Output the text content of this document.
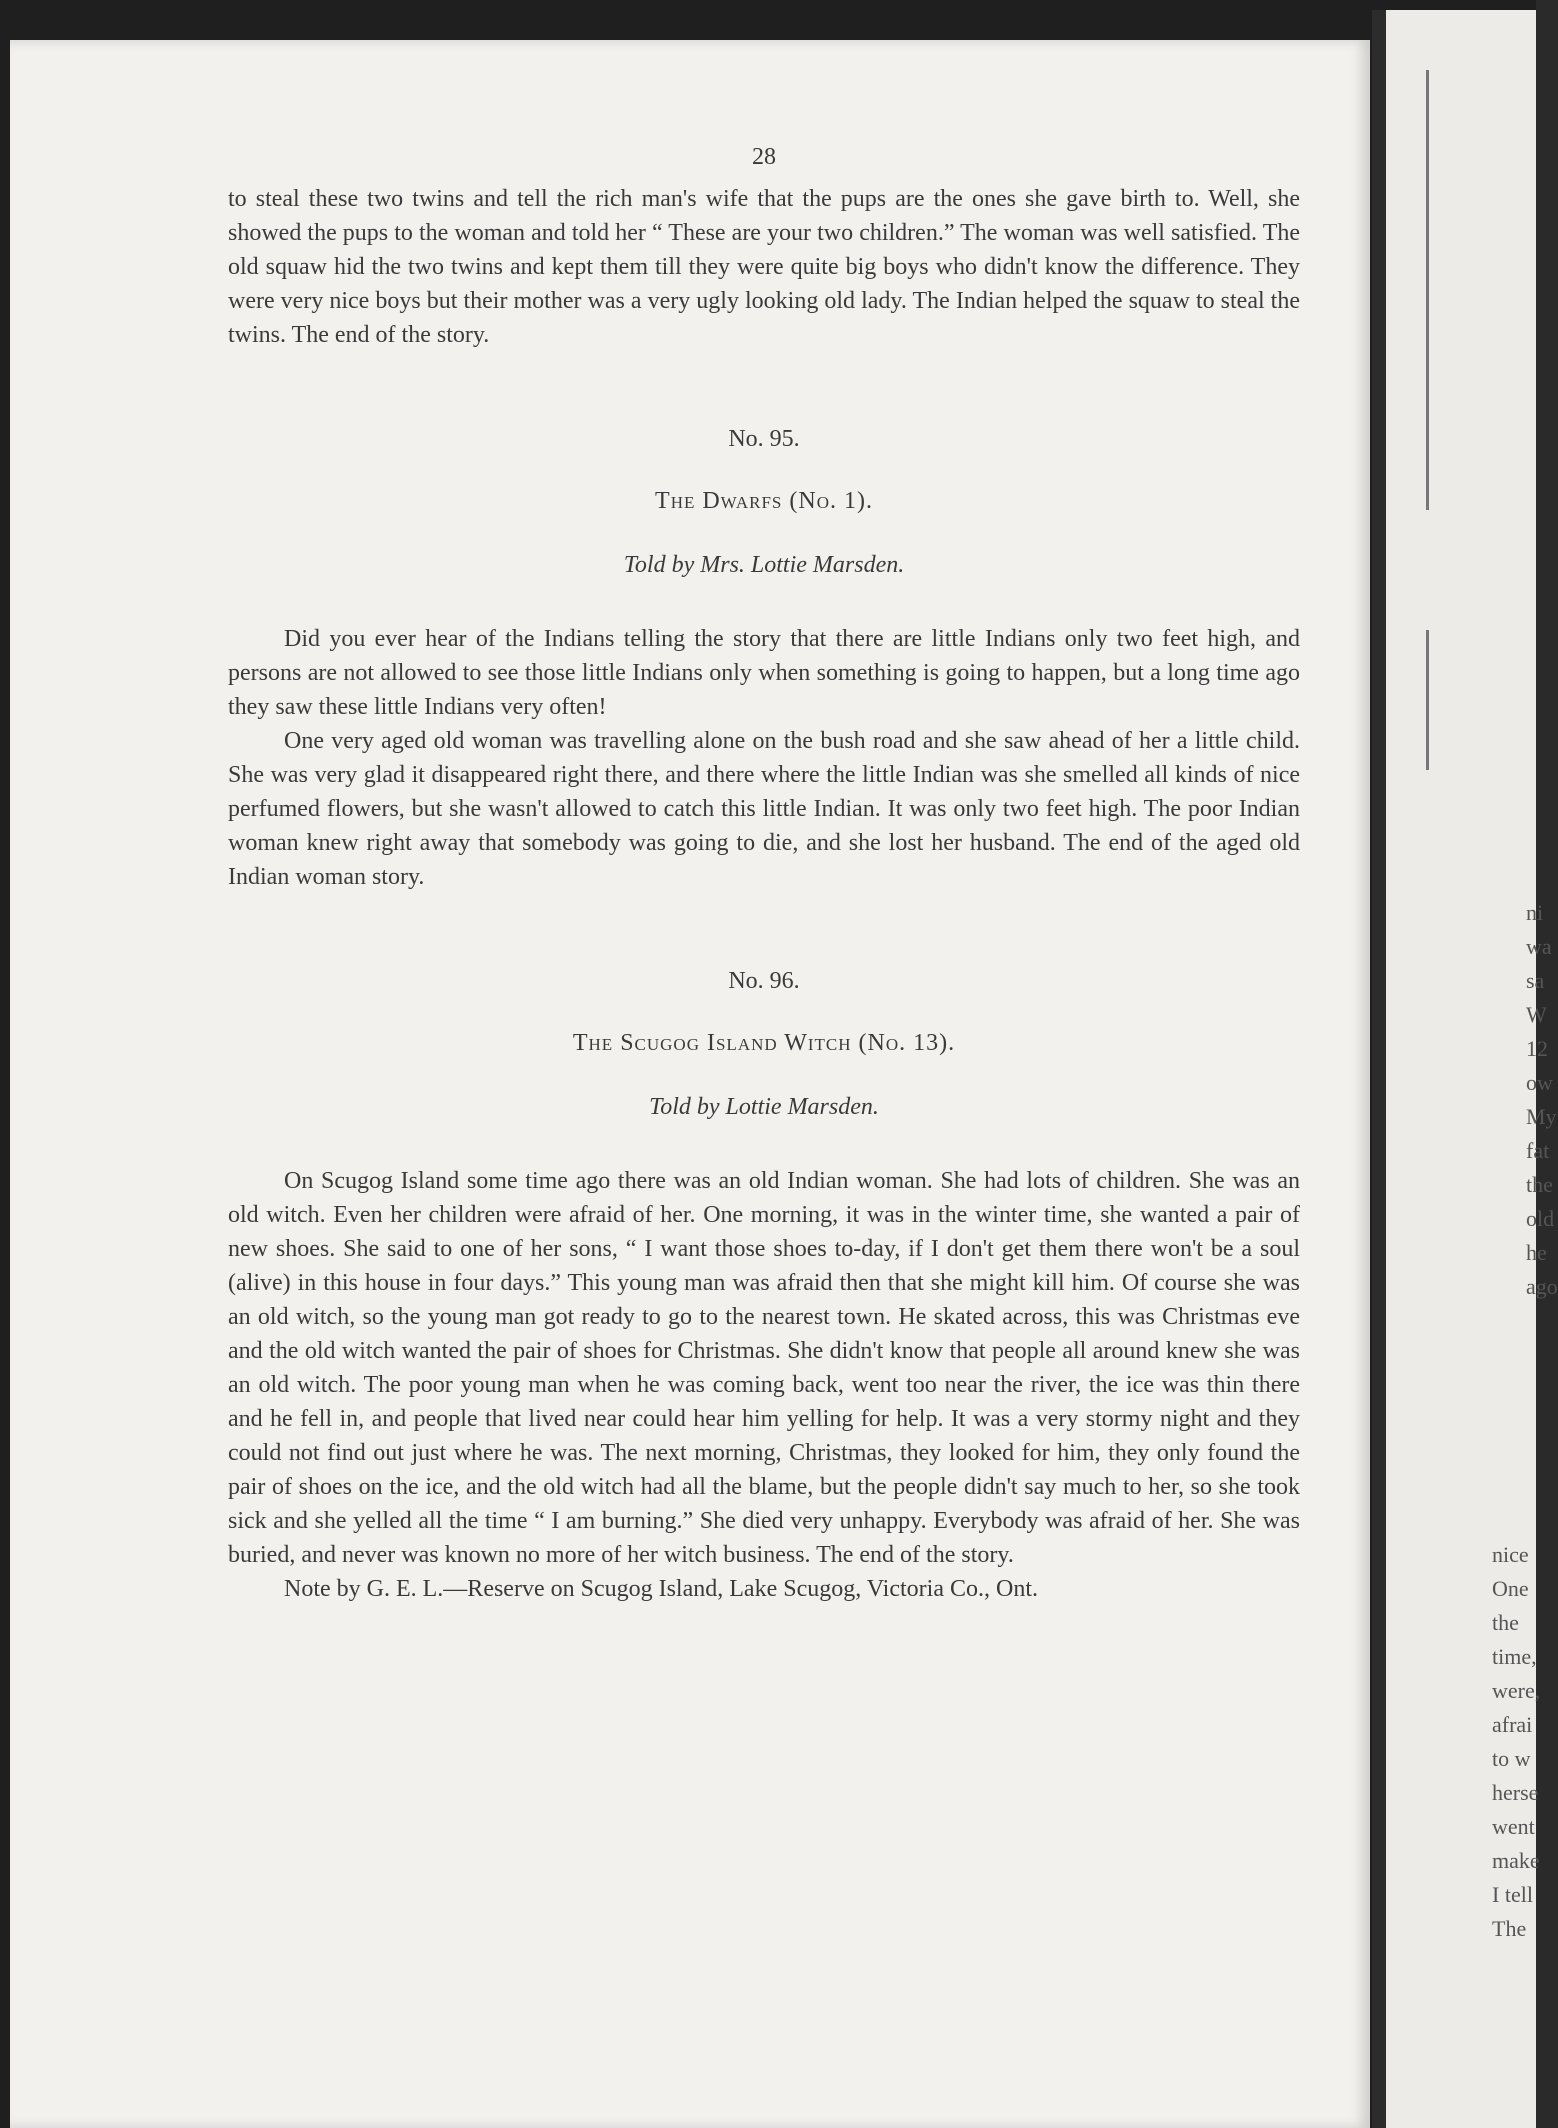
28

to steal these two twins and tell the rich man's wife that the pups are the ones she gave birth to. Well, she showed the pups to the woman and told her “ These are your two children.” The woman was well satisfied. The old squaw hid the two twins and kept them till they were quite big boys who didn't know the difference. They were very nice boys but their mother was a very ugly looking old lady. The Indian helped the squaw to steal the twins. The end of the story.

No. 95.
The Dwarfs (No. 1).
Told by Mrs. Lottie Marsden.

Did you ever hear of the Indians telling the story that there are little Indians only two feet high, and persons are not allowed to see those little Indians only when something is going to happen, but a long time ago they saw these little Indians very often!

One very aged old woman was travelling alone on the bush road and she saw ahead of her a little child. She was very glad it disappeared right there, and there where the little Indian was she smelled all kinds of nice perfumed flowers, but she wasn't allowed to catch this little Indian. It was only two feet high. The poor Indian woman knew right away that somebody was going to die, and she lost her husband. The end of the aged old Indian woman story.

No. 96.
The Scugog Island Witch (No. 13).
Told by Lottie Marsden.

On Scugog Island some time ago there was an old Indian woman. She had lots of children. She was an old witch. Even her children were afraid of her. One morning, it was in the winter time, she wanted a pair of new shoes. She said to one of her sons, “ I want those shoes to-day, if I don't get them there won't be a soul (alive) in this house in four days.” This young man was afraid then that she might kill him. Of course she was an old witch, so the young man got ready to go to the nearest town. He skated across, this was Christmas eve and the old witch wanted the pair of shoes for Christmas. She didn't know that people all around knew she was an old witch. The poor young man when he was coming back, went too near the river, the ice was thin there and he fell in, and people that lived near could hear him yelling for help. It was a very stormy night and they could not find out just where he was. The next morning, Christmas, they looked for him, they only found the pair of shoes on the ice, and the old witch had all the blame, but the people didn't say much to her, so she took sick and she yelled all the time “ I am burning.” She died very unhappy. Everybody was afraid of her. She was buried, and never was known no more of her witch business. The end of the story.

Note by G. E. L.—Reserve on Scugog Island, Lake Scugog, Victoria Co., Ont.

ni
wa
sa
W
12
ow
My
fat
the
old
he
ago
nice
One
the
time,
were,
afrai
to w
herse
went
make
I tell
The
